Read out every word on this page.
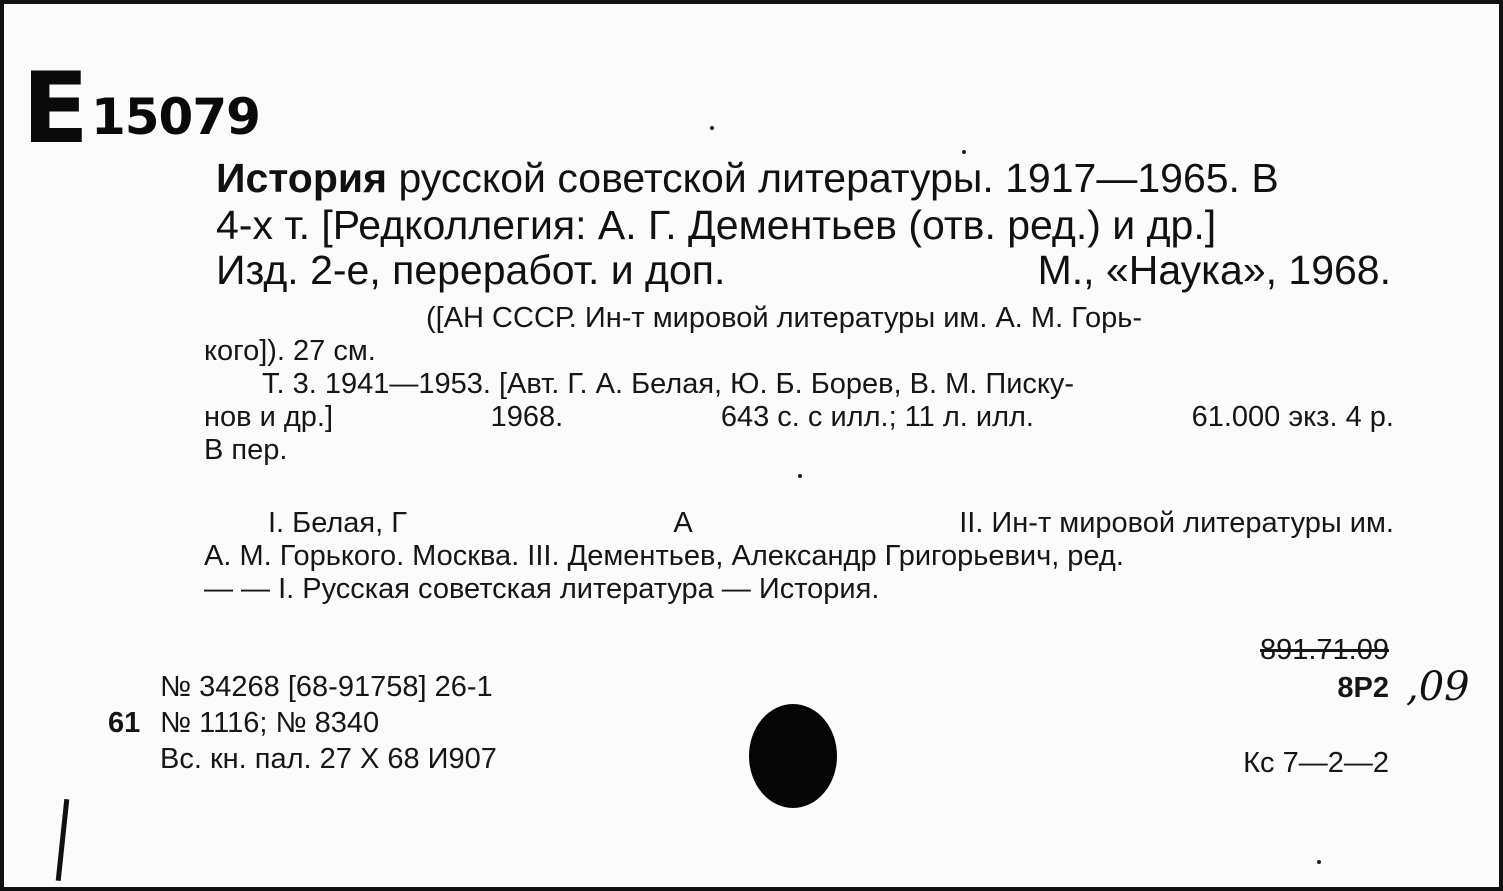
E 15079
История русской советской литературы. 1917—1965. В
4-х т. [Редколлегия: А. Г. Дементьев (отв. ред.) и др.]
Изд. 2-е, переработ. и доп.	М., «Наука», 1968.
([АН СССР. Ин-т мировой литературы им. А. М. Горь-
кого]). 27 см.
Т. 3. 1941—1953. [Авт. Г. А. Белая, Ю. Б. Борев, В. М. Писку-
нов и др.]	1968.	643 с. с илл.; 11 л. илл.	61.000 экз. 4 р.
В пер.
I. Белая, Г	А	II. Ин-т мировой литературы им.
А. М. Горького. Москва. III. Дементьев, Александр Григорьевич, ред.
— — I. Русская советская литература — История.
№ 34268 [68-91758] 26-1
61 № 1116; № 8340
Вс. кн. пал. 27 X 68 И907
891.71.09
8Р2 ,09
Кс 7—2—2
